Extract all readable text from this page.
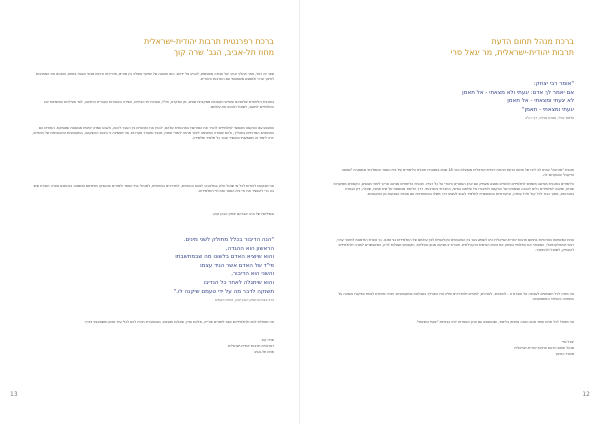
ברכת מנהל תחום הדעת
תרבות יהודית-ישראלית, מר יגאל סרי
"אומר רבי יצחק:
אם יאמר לך אדם: יגעתי ולא מצאתי - אל תאמן
לא יגעתי ומצאתי - אל תאמן
יגעתי ומצאתי - תאמן"
תלמוד בבלי, מסכת מגילה, דף ו ע"ב
תוכנית "מורשה" שהיא לב ליבו של תחום הדעת תרבות יהודית-ישראלית מופעלת כבר 18 שנים במסגרת תוכנית הלימודים של בית הספר הממלכתי ובמסגרת "שמונה הדקות" שהוקדשו לה.
הלימודים בתוכנית מורשה מזמנים לתלמידים ולמורים מפגש מעמיק עם ארון הספרים היהודי על כל רבדיו. תוכנית הלימודים מציעה פרקי לימוד מגוונים, טקסטים ממקורות שונים, ומקנה לתלמידים כלים להבנה עצמאית של הטקסט ולחיבורו אל עולמם האישי, החברתי והתרבותי. דרך הלימוד מבוססת על שיח פתוח, שאלה, דיון ועבודה בחברותא, מתוך כבוד לכל קול ולכל עמדה, וביקורתיות המאפשרת לתלמיד לגבש לעצמו דרך משלו בהתמודדות עם סוגיות הנובעות מן הטקסטים.
אחת המשימות המרכזיות בתחום תרבות יהודית-ישראלית היא לשמש גשר בין הטקסטים הקלאסיים לבין עולמם של התלמידים בני זמננו. כך נוצרת הזדמנות לחיבור ערכי, רגשי ואינטלקטואלי, המעשיר את התלמיד ומחזק את זהותו האישית והקהילתית. חוברת זו מציעה מגוון פעילויות, טקסטים ושאלות לדיון, המאפשרים למורה ולתלמידים להעמיק, לשאול ולהתחבר.
אני מודה לכל השותפים לעבודה על חוברת זו - לכותבים, לעורכים, למורים ולמדריכים שליוו את התהליך בסבלנות ובמקצועיות. תודה מיוחדת לצוות הפיקוח והמטה על התמיכה והעידוד המתמשכים.
אני מאחל לכל אחת ואחד מכם הנאה וסיפוק בלימוד, ושהמפגש עם ארון הספרים יהיה בבחינת "יגעתי ומצאתי".
יגאל סרי
מנהל תחום הדעת תרבות יהודית-ישראלית
משרד החינוך
12
ברכת רפרנטית תרבות יהודית-ישראלית
מחוז תל-אביב, הגב' שרה קוך
ספר זה ראוי, אחר תהליך ארוך של עבודה משותפת, להגיע אל ידיכם. הוא תוצאה של שיתוף פעולה בין מורים, מדריכים ורכזים מבתי הספר במחוז, ומבטא את המחויבות לחינוך ערכי ולמפגש משמעותי עם התרבות היהודית.
בתוכנית הלימודים שלפניכם שזורים טקסטים ממקורות שונים, מן המקרא, חז"ל, ספרות ימי הביניים, השירה והספרות העברית החדשה, לצד פעילויות המזמינות את התלמידים לחשוב, לשאול ולבטא את עולמם.
המפגש עם הטקסט מאפשר לתלמידים להכיר את המורשת התרבותית שלהם, להבין את הקשרים בין העבר להווה, ולגבש עמדה אישית מבוססת ומנומקת. המורים הם המתווכים המרכזיים בתהליך, ולהם שמורה המשימה ליצור מרחב לימודי פתוח, מכבד ומעורר סקרנות. אני מאמינה כי בזכות ההשקעה, המקצועיות והאכפתיות של המורים, יהיה לימוד זה משמעותי ומעשיר עבור כל תלמיד ותלמידה.
אני מבקשת להודות לכל מי שנטל חלק במלאכה: לצוות הכותבים, למדריכים המחוזיים, למנהלי בתי הספר ולמורים שהעניקו מניסיונם ומזמנם. בזכותכם נוצרה חוברת שיש בה כדי להעשיר את חיי בית הספר ואת חיי התלמידים.
ובמילותיו של הרב אברהם יצחק הכהן קוק:
"הנה הדיבור בכלל מחולק לשני מינים.
הראשון הוא ההגדה,
והוא שיוציא האדם בלשונו מה שבמחשבתו
פי"ד של האדם אשר הגיד עצמו
והשני הוא הדיבור,
והוא שיתגלה לאחר כל הנדיבו
תשוקה לדבר מה על ידי טעמם שיקנה לו."
הרב אברהם יצחק הכהן קוק, אורות הקודש
אני מאחלת לכם ולתלמידיכם שנת לימודים פורייה, מלאת עניין, שאלות ותובנות, ושהחוברת תהיה לכם לכלי עזר נאמן ומשמעותי בדרך.
שרה קוך
רפרנטית תרבות יהודית-ישראלית
מחוז תל-אביב
13
